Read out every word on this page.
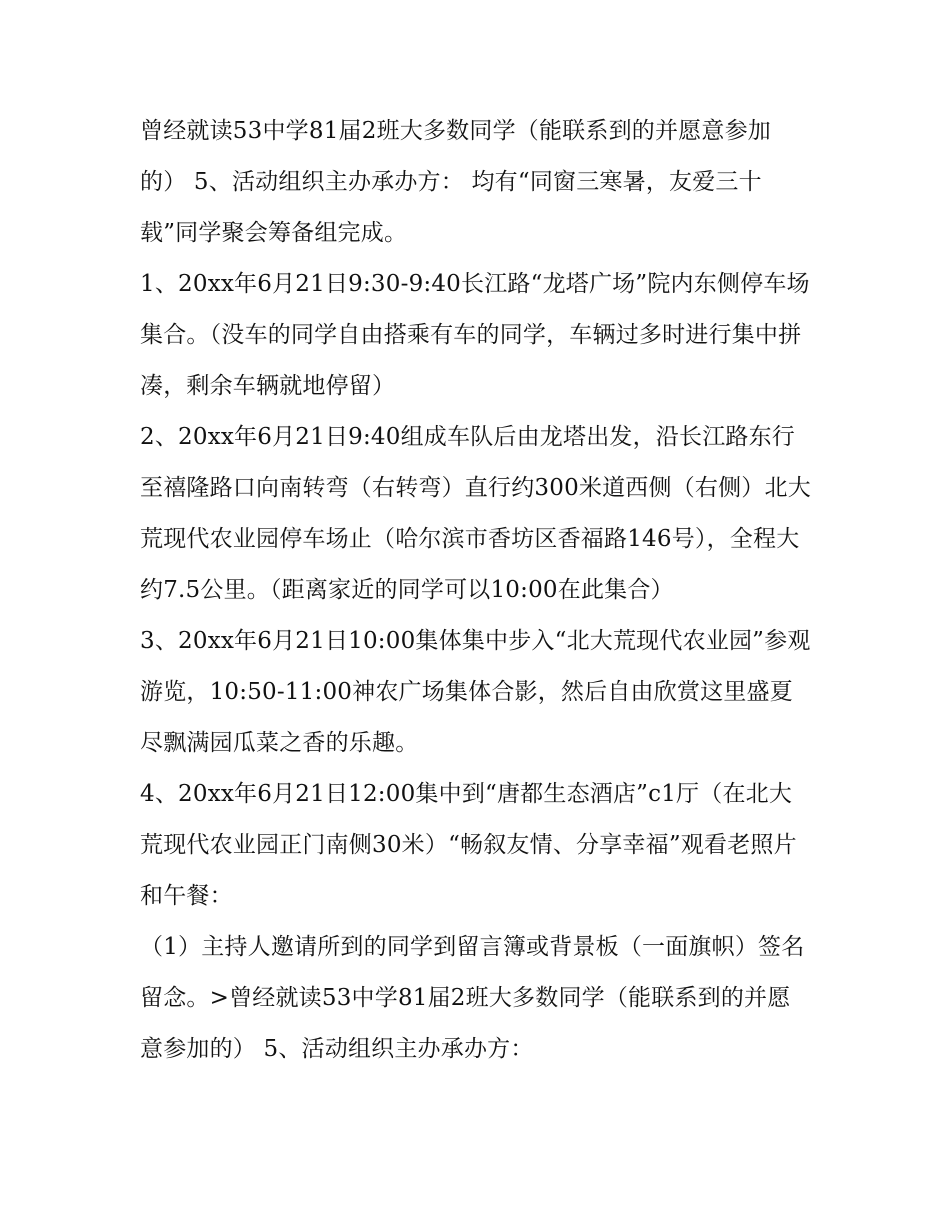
曾经就读53中学81届2班大多数同学（能联系到的并愿意参加的） 5、活动组织主办承办方： 均有“同窗三寒暑，友爱三十载”同学聚会筹备组完成。

1、20xx年6月21日9:30-9:40长江路“龙塔广场”院内东侧停车场集合。（没车的同学自由搭乘有车的同学，车辆过多时进行集中拼凑，剩余车辆就地停留）

2、20xx年6月21日9:40组成车队后由龙塔出发，沿长江路东行至禧隆路口向南转弯（右转弯）直行约300米道西侧（右侧）北大荒现代农业园停车场止（哈尔滨市香坊区香福路146号），全程大约7.5公里。（距离家近的同学可以10:00在此集合）

3、20xx年6月21日10:00集体集中步入“北大荒现代农业园”参观游览，10:50-11:00神农广场集体合影，然后自由欣赏这里盛夏尽飘满园瓜菜之香的乐趣。

4、20xx年6月21日12:00集中到“唐都生态酒店”c1厅（在北大荒现代农业园正门南侧30米）“畅叙友情、分享幸福”观看老照片和午餐：

（1）主持人邀请所到的同学到留言簿或背景板（一面旗帜）签名留念。>曾经就读53中学81届2班大多数同学（能联系到的并愿意参加的） 5、活动组织主办承办方：
